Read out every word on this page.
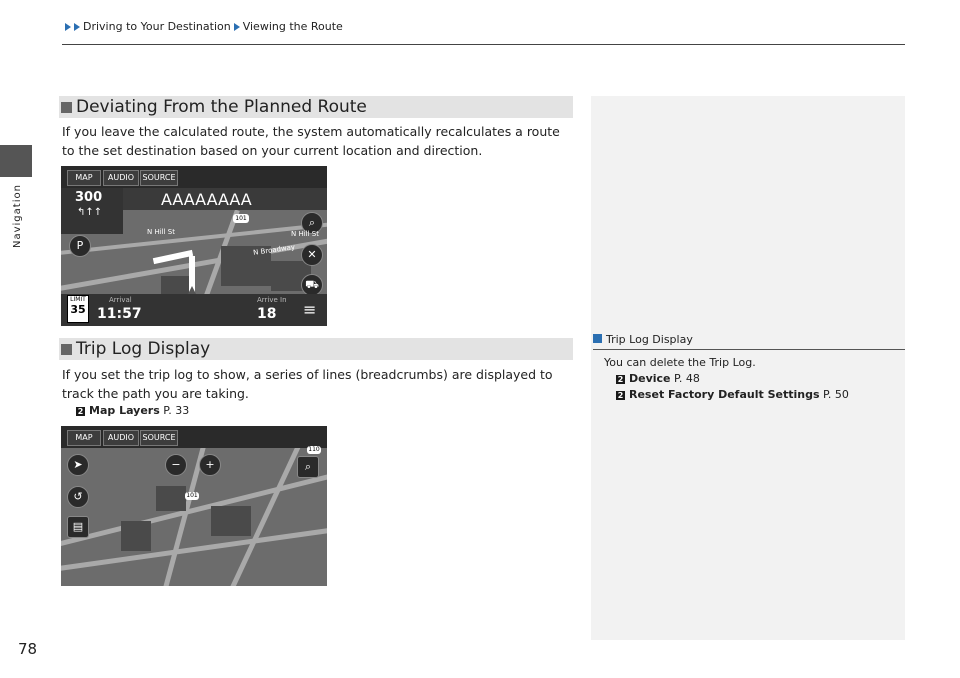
Driving to Your Destination Viewing the Route
Navigation
Trip Log Display
You can delete the Trip Log.
2 Device P. 48
2 Reset Factory Default Settings P. 50
Deviating From the Planned Route
If you leave the calculated route, the system automatically recalculates a route to the set destination based on your current location and direction.
MAP	AUDIO	SOURCE
300
↰↑↑
AAAAAAAA
P
⌕
✕
⛟
N Hill St	N Hill St
N Broadway
101
LIMIT
35
Arrival
11:57
Arrive In
18 ≡
Trip Log Display
If you set the trip log to show, a series of lines (breadcrumbs) are displayed to track the path you are taking.
2 Map Layers P. 33
MAP	AUDIO	SOURCE
➤	−	+	⌕
↺
▤
101
110
78
